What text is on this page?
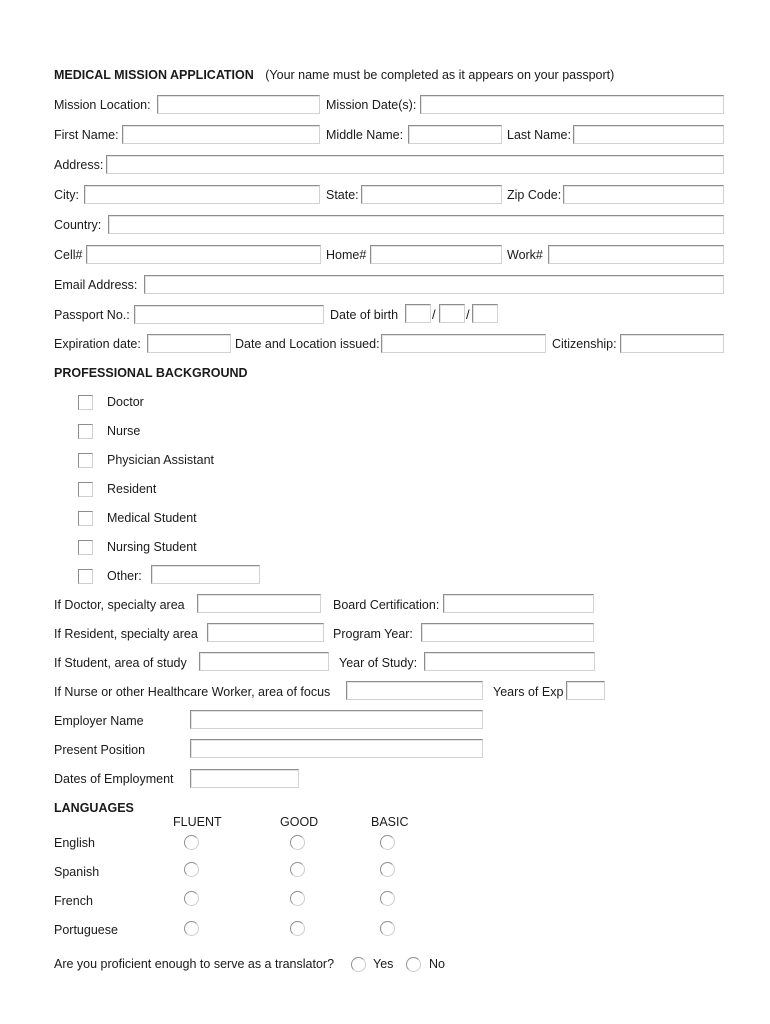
MEDICAL MISSION APPLICATION (Your name must be completed as it appears on your passport)
Mission Location:	Mission Date(s):
First Name:	Middle Name:	Last Name:
Address:
City:	State:	Zip Code:
Country:
Cell#	Home#	Work#
Email Address:
Passport No.:	Date of birth	/ /
Expiration date:	Date and Location issued:	Citizenship:
PROFESSIONAL BACKGROUND
Doctor
Nurse
Physician Assistant
Resident
Medical Student
Nursing Student
Other:
If Doctor, specialty area	Board Certification:
If Resident, specialty area	Program Year:
If Student, area of study	Year of Study:
If Nurse or other Healthcare Worker, area of focus	Years of Exp
Employer Name
Present Position
Dates of Employment
LANGUAGES
FLUENT	GOOD	BASIC
English
Spanish
French
Portuguese
Are you proficient enough to serve as a translator?	Yes	No
